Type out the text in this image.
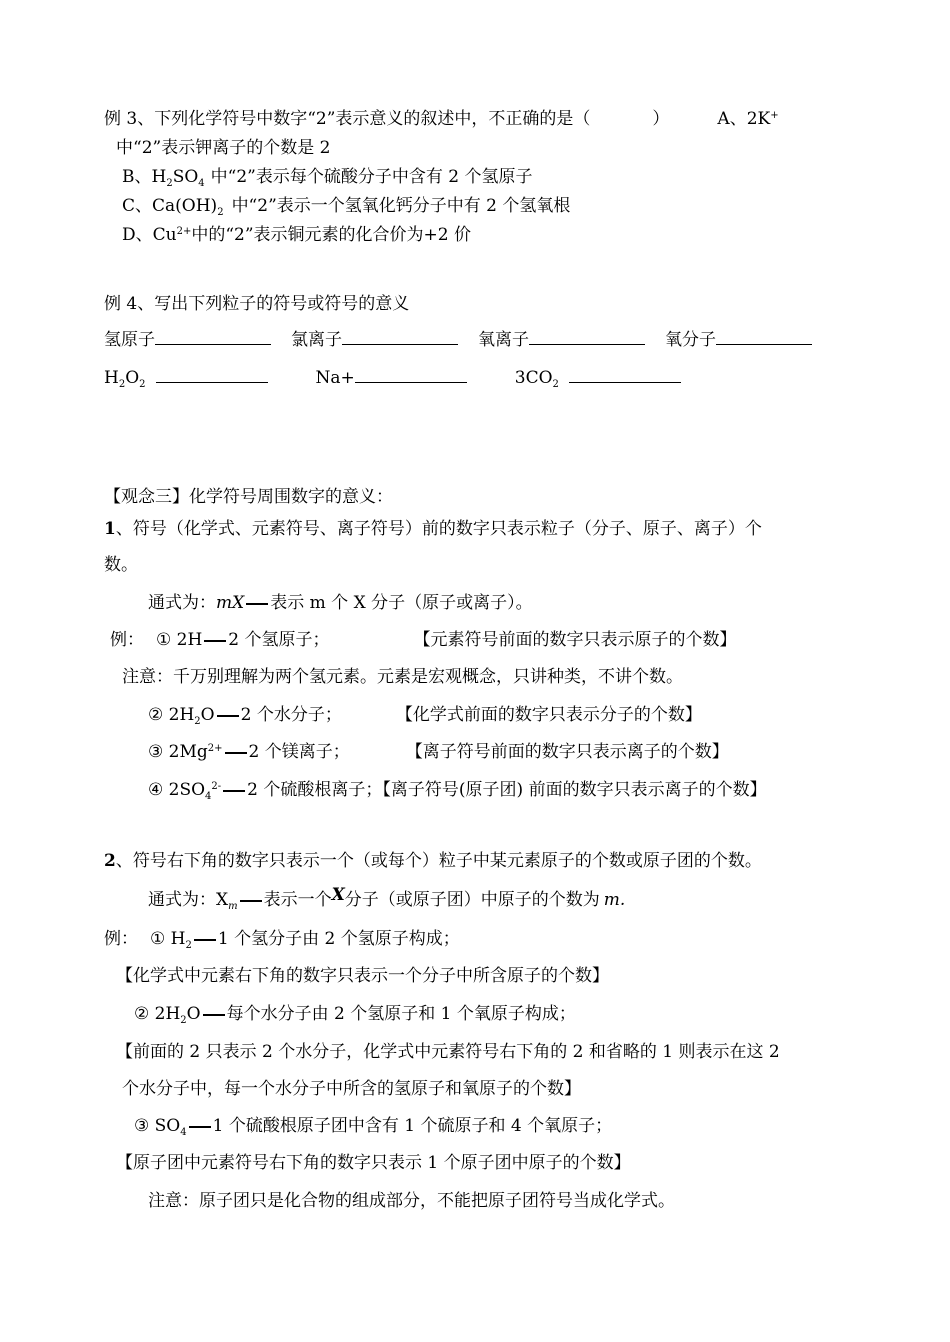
例 3、下列化学符号中数字“2”表示意义的叙述中，不正确的是（	）	A、2K+
中“2”表示钾离子的个数是 2
B、$H_2SO_4$ 中“2”表示每个硫酸分子中含有 2 个氢原子
C、$Ca(OH)_2$ 中“2”表示一个氢氧化钙分子中有 2 个氢氧根
D、$Cu^{2+}$中的“2”表示铜元素的化合价为+2 价
例 4、写出下列粒子的符号或符号的意义
氢原子	氯离子	氧离子	氧分子
$H_2O_2$	Na+	$3CO_2$
【观念三】化学符号周围数字的意义：
1、符号（化学式、元素符号、离子符号）前的数字只表示粒子（分子、原子、离子）个
数。
通式为：mX 表示 m 个 X 分子（原子或离子）。
例： ① 2H 2 个氢原子；	【元素符号前面的数字只表示原子的个数】
注意：千万别理解为两个氢元素。元素是宏观概念，只讲种类，不讲个数。
② $2H_2O$ 2 个水分子；	【化学式前面的数字只表示分子的个数】
③ $2Mg^{2+}$ 2 个镁离子；	【离子符号前面的数字只表示离子的个数】
④ $2SO_4^{2-}$ 2 个硫酸根离子；【离子符号(原子团) 前面的数字只表示离子的个数】
2、符号右下角的数字只表示一个（或每个）粒子中某元素原子的个数或原子团的个数。
通式为：$X_m$ 表示一个X分子（或原子团）中原子的个数为 m.
例： ① $H_2$ 1 个氢分子由 2 个氢原子构成；
【化学式中元素右下角的数字只表示一个分子中所含原子的个数】
② $2H_2O$ 每个水分子由 2 个氢原子和 1 个氧原子构成；
【前面的 2 只表示 2 个水分子，化学式中元素符号右下角的 2 和省略的 1 则表示在这 2
个水分子中，每一个水分子中所含的氢原子和氧原子的个数】
③ $SO_4$ 1 个硫酸根原子团中含有 1 个硫原子和 4 个氧原子；
【原子团中元素符号右下角的数字只表示 1 个原子团中原子的个数】
注意：原子团只是化合物的组成部分，不能把原子团符号当成化学式。
